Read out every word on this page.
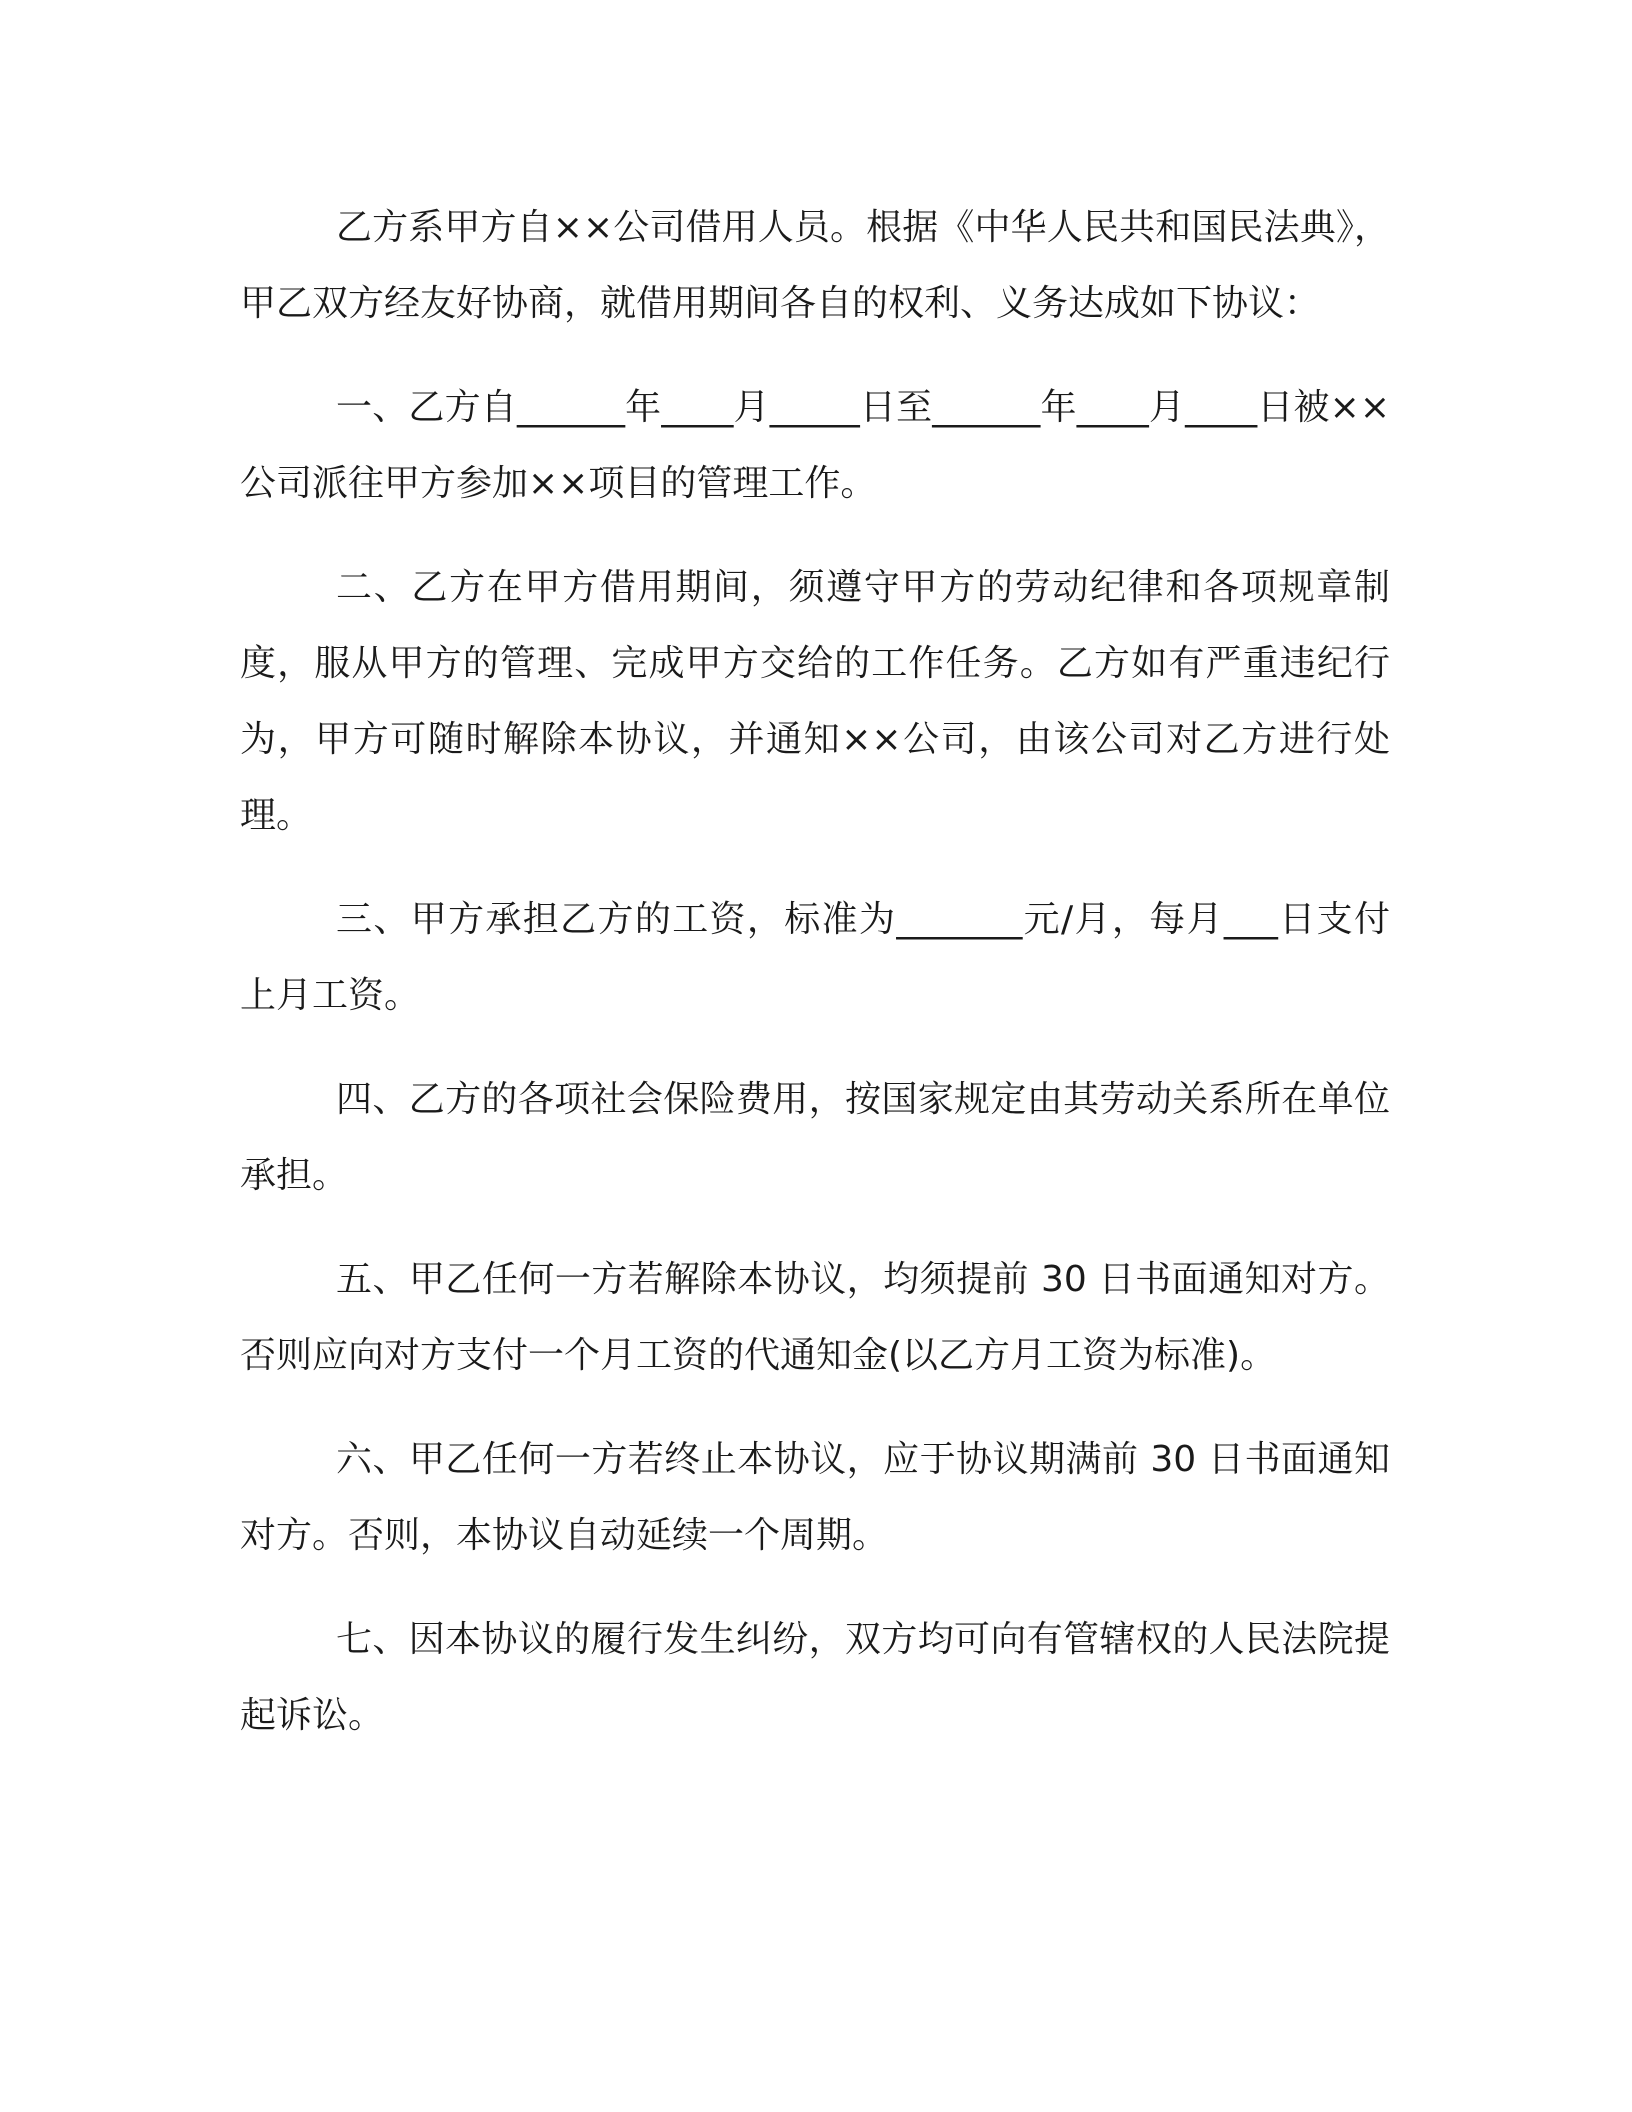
乙方系甲方自××公司借用人员。根据《中华人民共和国民法典》，甲乙双方经友好协商，就借用期间各自的权利、义务达成如下协议：

一、乙方自______年____月_____日至______年____月____日被××公司派往甲方参加××项目的管理工作。

二、乙方在甲方借用期间，须遵守甲方的劳动纪律和各项规章制度，服从甲方的管理、完成甲方交给的工作任务。乙方如有严重违纪行为，甲方可随时解除本协议，并通知××公司，由该公司对乙方进行处理。

三、甲方承担乙方的工资，标准为_______元/月，每月___日支付上月工资。

四、乙方的各项社会保险费用，按国家规定由其劳动关系所在单位承担。

五、甲乙任何一方若解除本协议，均须提前 30 日书面通知对方。否则应向对方支付一个月工资的代通知金(以乙方月工资为标准)。

六、甲乙任何一方若终止本协议，应于协议期满前 30 日书面通知对方。否则，本协议自动延续一个周期。

七、因本协议的履行发生纠纷，双方均可向有管辖权的人民法院提起诉讼。
